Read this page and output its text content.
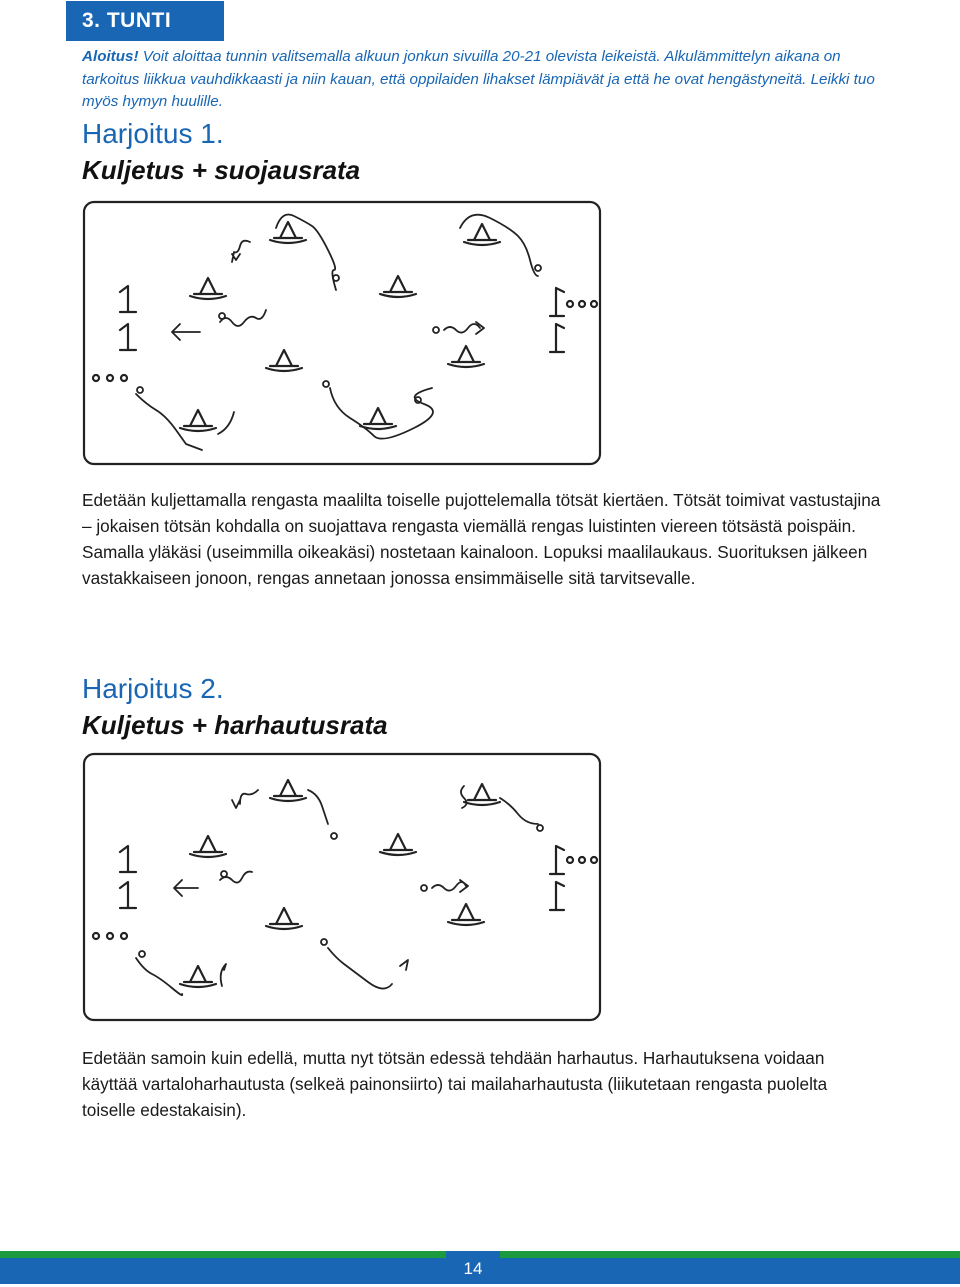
3. TUNTI
Aloitus! Voit aloittaa tunnin valitsemalla alkuun jonkun sivuilla 20-21 olevista leikeistä. Alkulämmittelyn aikana on tarkoitus liikkua vauhdikkaasti ja niin kauan, että oppilaiden lihakset lämpiävät ja että he ovat hengästyneitä. Leikki tuo myös hymyn huulille.
Harjoitus 1.
Kuljetus + suojausrata
Edetään kuljettamalla rengasta maalilta toiselle pujottelemalla tötsät kiertäen. Tötsät toimivat vastustajina – jokaisen tötsän kohdalla on suojattava rengasta viemällä rengas luistinten viereen tötsästä poispäin. Samalla yläkäsi (useimmilla oikeakäsi) nostetaan kainaloon. Lopuksi maalilaukaus. Suorituksen jälkeen vastakkaiseen jonoon, rengas annetaan jonossa ensimmäiselle sitä tarvitsevalle.
Harjoitus 2.
Kuljetus + harhautusrata
Edetään samoin kuin edellä, mutta nyt tötsän edessä tehdään harhautus. Harhautuksena voidaan käyttää vartaloharhautusta (selkeä painonsiirto) tai mailaharhautusta (liikutetaan rengasta puolelta toiselle edestakaisin).
14
